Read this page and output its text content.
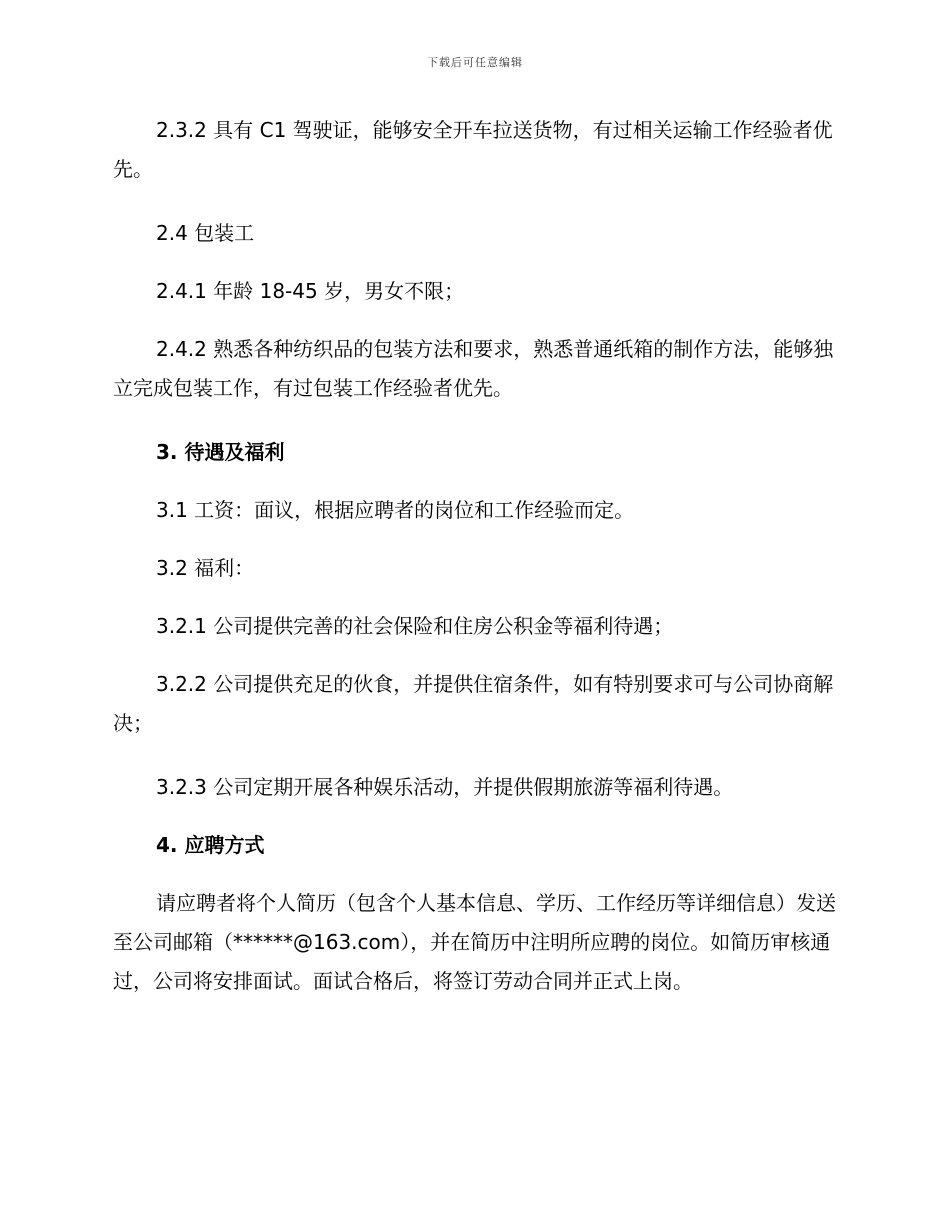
下载后可任意编辑

2.3.2 具有 C1 驾驶证，能够安全开车拉送货物，有过相关运输工作经验者优先。

2.4 包装工

2.4.1 年龄 18-45 岁，男女不限；

2.4.2 熟悉各种纺织品的包装方法和要求，熟悉普通纸箱的制作方法，能够独立完成包装工作，有过包装工作经验者优先。

3. 待遇及福利

3.1 工资：面议，根据应聘者的岗位和工作经验而定。

3.2 福利：

3.2.1 公司提供完善的社会保险和住房公积金等福利待遇；

3.2.2 公司提供充足的伙食，并提供住宿条件，如有特别要求可与公司协商解决；

3.2.3 公司定期开展各种娱乐活动，并提供假期旅游等福利待遇。

4. 应聘方式

请应聘者将个人简历（包含个人基本信息、学历、工作经历等详细信息）发送至公司邮箱（******@163.com），并在简历中注明所应聘的岗位。如简历审核通过，公司将安排面试。面试合格后，将签订劳动合同并正式上岗。
